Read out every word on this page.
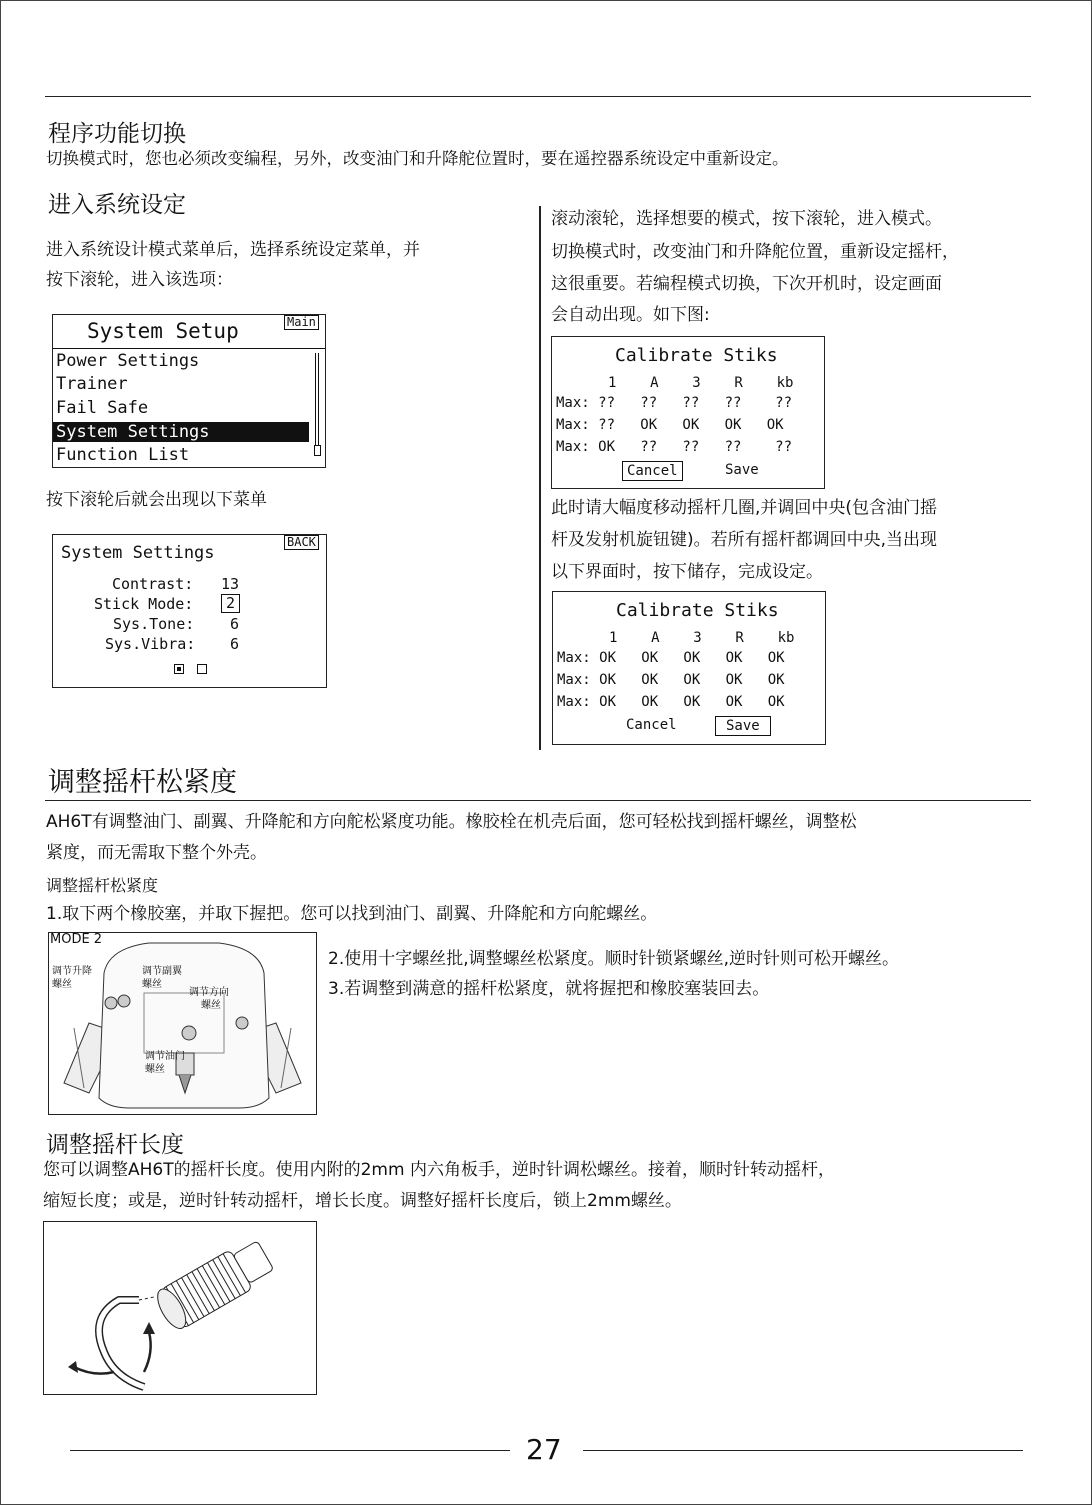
程序功能切换
切换模式时，您也必须改变编程，另外，改变油门和升降舵位置时，要在遥控器系统设定中重新设定。
进入系统设定
进入系统设计模式菜单后，选择系统设定菜单，并
按下滚轮，进入该选项：
System Setup	Main
Power Settings
Trainer
Fail Safe
System Settings
Function List
按下滚轮后就会出现以下菜单
System Settings
BACK
Contrast: 13
Stick Mode:	2
Sys.Tone: 6
Sys.Vibra: 6
滚动滚轮，选择想要的模式，按下滚轮，进入模式。
切换模式时，改变油门和升降舵位置，重新设定摇杆，
这很重要。若编程模式切换，下次开机时，设定画面
会自动出现。如下图:
Calibrate Stiks
1    A    3    R    kb
Max: ??   ??   ??   ??    ??
Max: ??   OK   OK   OK   OK
Max: OK   ??   ??   ??    ??
Cancel	Save
此时请大幅度移动摇杆几圈,并调回中央(包含油门摇
杆及发射机旋钮键)。若所有摇杆都调回中央,当出现
以下界面时，按下储存，完成设定。
Calibrate Stiks
1    A    3    R    kb
Max: OK   OK   OK   OK   OK
Max: OK   OK   OK   OK   OK
Max: OK   OK   OK   OK   OK
Cancel	Save
调整摇杆松紧度
AH6T有调整油门、副翼、升降舵和方向舵松紧度功能。橡胶栓在机壳后面，您可轻松找到摇杆螺丝，调整松
紧度，而无需取下整个外壳。
调整摇杆松紧度
1.取下两个橡胶塞，并取下握把。您可以找到油门、副翼、升降舵和方向舵螺丝。
MODE 2
调节升降
螺丝
调节副翼
螺丝
调节方向
螺丝
调节油门
螺丝
2.使用十字螺丝批,调整螺丝松紧度。顺时针锁紧螺丝,逆时针则可松开螺丝。
3.若调整到满意的摇杆松紧度，就将握把和橡胶塞装回去。
调整摇杆长度
您可以调整AH6T的摇杆长度。使用内附的2mm 内六角板手，逆时针调松螺丝。接着，顺时针转动摇杆，
缩短长度；或是，逆时针转动摇杆，增长长度。调整好摇杆长度后，锁上2mm螺丝。
27
